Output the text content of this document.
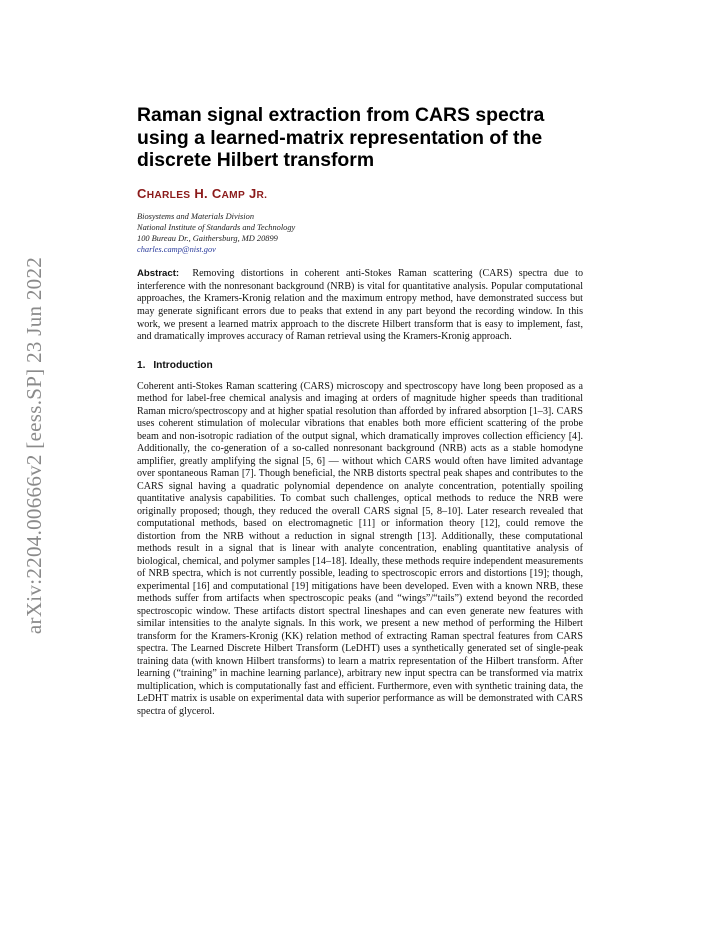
arXiv:2204.00666v2 [eess.SP] 23 Jun 2022
Raman signal extraction from CARS spectra using a learned-matrix representation of the discrete Hilbert transform
CHARLES H. CAMP JR.
Biosystems and Materials Division
National Institute of Standards and Technology
100 Bureau Dr., Gaithersburg, MD 20899
charles.camp@nist.gov
Abstract: Removing distortions in coherent anti-Stokes Raman scattering (CARS) spectra due to interference with the nonresonant background (NRB) is vital for quantitative analysis. Popular computational approaches, the Kramers-Kronig relation and the maximum entropy method, have demonstrated success but may generate significant errors due to peaks that extend in any part beyond the recording window. In this work, we present a learned matrix approach to the discrete Hilbert transform that is easy to implement, fast, and dramatically improves accuracy of Raman retrieval using the Kramers-Kronig approach.
1. Introduction
Coherent anti-Stokes Raman scattering (CARS) microscopy and spectroscopy have long been proposed as a method for label-free chemical analysis and imaging at orders of magnitude higher speeds than traditional Raman micro/spectroscopy and at higher spatial resolution than afforded by infrared absorption [1–3]. CARS uses coherent stimulation of molecular vibrations that enables both more efficient scattering of the probe beam and non-isotropic radiation of the output signal, which dramatically improves collection efficiency [4]. Additionally, the co-generation of a so-called nonresonant background (NRB) acts as a stable homodyne amplifier, greatly amplifying the signal [5, 6] — without which CARS would often have limited advantage over spontaneous Raman [7]. Though beneficial, the NRB distorts spectral peak shapes and contributes to the CARS signal having a quadratic polynomial dependence on analyte concentration, potentially spoiling quantitative analysis capabilities. To combat such challenges, optical methods to reduce the NRB were originally proposed; though, they reduced the overall CARS signal [5, 8–10]. Later research revealed that computational methods, based on electromagnetic [11] or information theory [12], could remove the distortion from the NRB without a reduction in signal strength [13]. Additionally, these computational methods result in a signal that is linear with analyte concentration, enabling quantitative analysis of biological, chemical, and polymer samples [14–18]. Ideally, these methods require independent measurements of NRB spectra, which is not currently possible, leading to spectroscopic errors and distortions [19]; though, experimental [16] and computational [19] mitigations have been developed. Even with a known NRB, these methods suffer from artifacts when spectroscopic peaks (and “wings”/“tails”) extend beyond the recorded spectroscopic window. These artifacts distort spectral lineshapes and can even generate new features with similar intensities to the analyte signals. In this work, we present a new method of performing the Hilbert transform for the Kramers-Kronig (KK) relation method of extracting Raman spectral features from CARS spectra. The Learned Discrete Hilbert Transform (LeDHT) uses a synthetically generated set of single-peak training data (with known Hilbert transforms) to learn a matrix representation of the Hilbert transform. After learning (“training” in machine learning parlance), arbitrary new input spectra can be transformed via matrix multiplication, which is computationally fast and efficient. Furthermore, even with synthetic training data, the LeDHT matrix is usable on experimental data with superior performance as will be demonstrated with CARS spectra of glycerol.
